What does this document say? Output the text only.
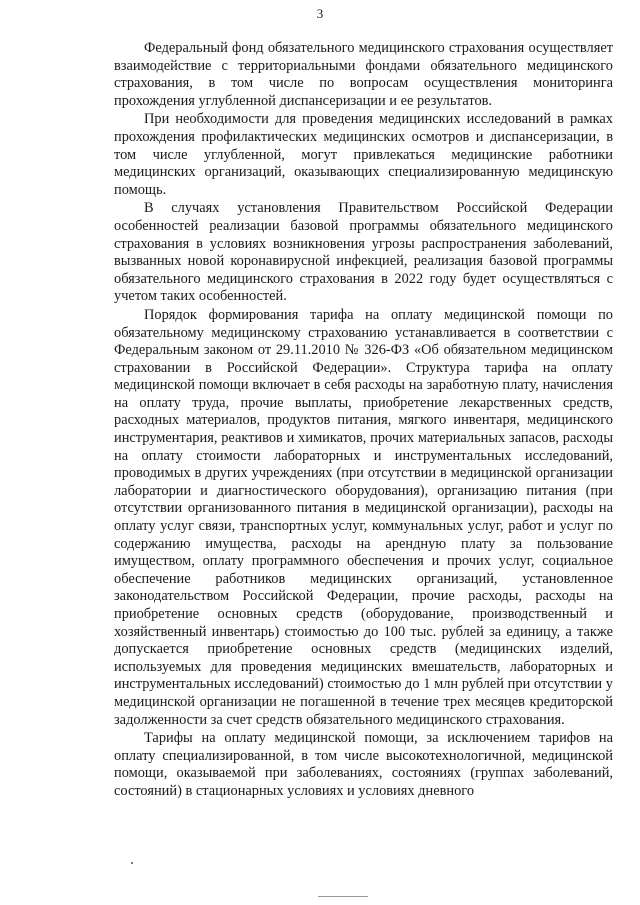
3

Федеральный фонд обязательного медицинского страхования осуществляет взаимодействие с территориальными фондами обязательного медицинского страхования, в том числе по вопросам осуществления мониторинга прохождения углубленной диспансеризации и ее результатов.

При необходимости для проведения медицинских исследований в рамках прохождения профилактических медицинских осмотров и диспансеризации, в том числе углубленной, могут привлекаться медицинские работники медицинских организаций, оказывающих специализированную медицинскую помощь.

В случаях установления Правительством Российской Федерации особенностей реализации базовой программы обязательного медицинского страхования в условиях возникновения угрозы распространения заболеваний, вызванных новой коронавирусной инфекцией, реализация базовой программы обязательного медицинского страхования в 2022 году будет осуществляться с учетом таких особенностей.

Порядок формирования тарифа на оплату медицинской помощи по обязательному медицинскому страхованию устанавливается в соответствии с Федеральным законом от 29.11.2010 № 326-ФЗ «Об обязательном медицинском страховании в Российской Федерации». Структура тарифа на оплату медицинской помощи включает в себя расходы на заработную плату, начисления на оплату труда, прочие выплаты, приобретение лекарственных средств, расходных материалов, продуктов питания, мягкого инвентаря, медицинского инструментария, реактивов и химикатов, прочих материальных запасов, расходы на оплату стоимости лабораторных и инструментальных исследований, проводимых в других учреждениях (при отсутствии в медицинской организации лаборатории и диагностического оборудования), организацию питания (при отсутствии организованного питания в медицинской организации), расходы на оплату услуг связи, транспортных услуг, коммунальных услуг, работ и услуг по содержанию имущества, расходы на арендную плату за пользование имуществом, оплату программного обеспечения и прочих услуг, социальное обеспечение работников медицинских организаций, установленное законодательством Российской Федерации, прочие расходы, расходы на приобретение основных средств (оборудование, производственный и хозяйственный инвентарь) стоимостью до 100 тыс. рублей за единицу, а также допускается приобретение основных средств (медицинских изделий, используемых для проведения медицинских вмешательств, лабораторных и инструментальных исследований) стоимостью до 1 млн рублей при отсутствии у медицинской организации не погашенной в течение трех месяцев кредиторской задолженности за счет средств обязательного медицинского страхования.

Тарифы на оплату медицинской помощи, за исключением тарифов на оплату специализированной, в том числе высокотехнологичной, медицинской помощи, оказываемой при заболеваниях, состояниях (группах заболеваний, состояний) в стационарных условиях и условиях дневного
